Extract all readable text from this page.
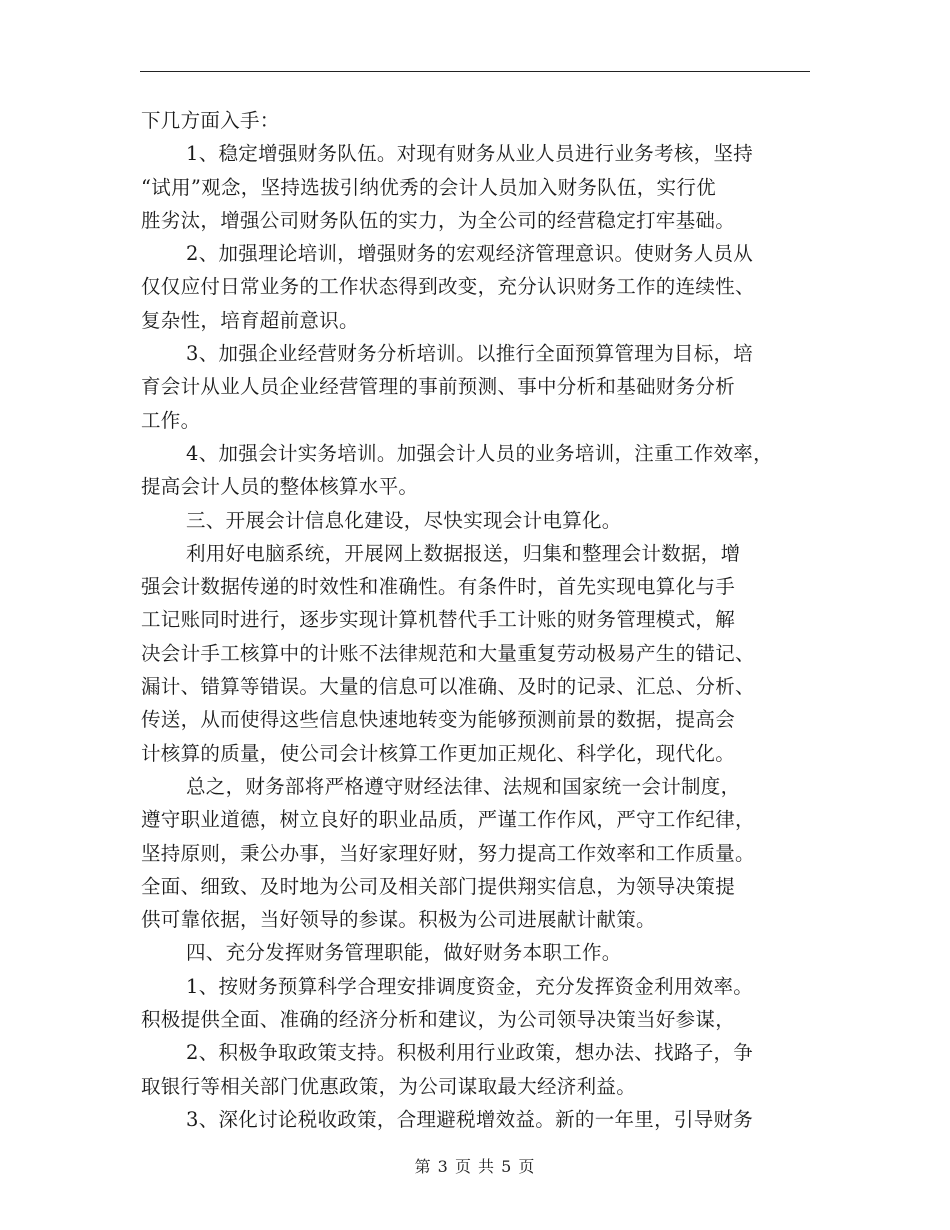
下几方面入手：
1、稳定增强财务队伍。对现有财务从业人员进行业务考核，坚持
“试用”观念，坚持选拔引纳优秀的会计人员加入财务队伍，实行优
胜劣汰，增强公司财务队伍的实力，为全公司的经营稳定打牢基础。
2、加强理论培训，增强财务的宏观经济管理意识。使财务人员从
仅仅应付日常业务的工作状态得到改变，充分认识财务工作的连续性、
复杂性，培育超前意识。
3、加强企业经营财务分析培训。以推行全面预算管理为目标，培
育会计从业人员企业经营管理的事前预测、事中分析和基础财务分析
工作。
4、加强会计实务培训。加强会计人员的业务培训，注重工作效率，
提高会计人员的整体核算水平。
三、开展会计信息化建设，尽快实现会计电算化。
利用好电脑系统，开展网上数据报送，归集和整理会计数据，增
强会计数据传递的时效性和准确性。有条件时，首先实现电算化与手
工记账同时进行，逐步实现计算机替代手工计账的财务管理模式，解
决会计手工核算中的计账不法律规范和大量重复劳动极易产生的错记、
漏计、错算等错误。大量的信息可以准确、及时的记录、汇总、分析、
传送，从而使得这些信息快速地转变为能够预测前景的数据，提高会
计核算的质量，使公司会计核算工作更加正规化、科学化，现代化。
总之，财务部将严格遵守财经法律、法规和国家统一会计制度，
遵守职业道德，树立良好的职业品质，严谨工作作风，严守工作纪律，
坚持原则，秉公办事，当好家理好财，努力提高工作效率和工作质量。
全面、细致、及时地为公司及相关部门提供翔实信息，为领导决策提
供可靠依据，当好领导的参谋。积极为公司进展献计献策。
四、充分发挥财务管理职能，做好财务本职工作。
1、按财务预算科学合理安排调度资金，充分发挥资金利用效率。
积极提供全面、准确的经济分析和建议，为公司领导决策当好参谋，
2、积极争取政策支持。积极利用行业政策，想办法、找路子，争
取银行等相关部门优惠政策，为公司谋取最大经济利益。
3、深化讨论税收政策，合理避税增效益。新的一年里，引导财务
第 3 页 共 5 页
